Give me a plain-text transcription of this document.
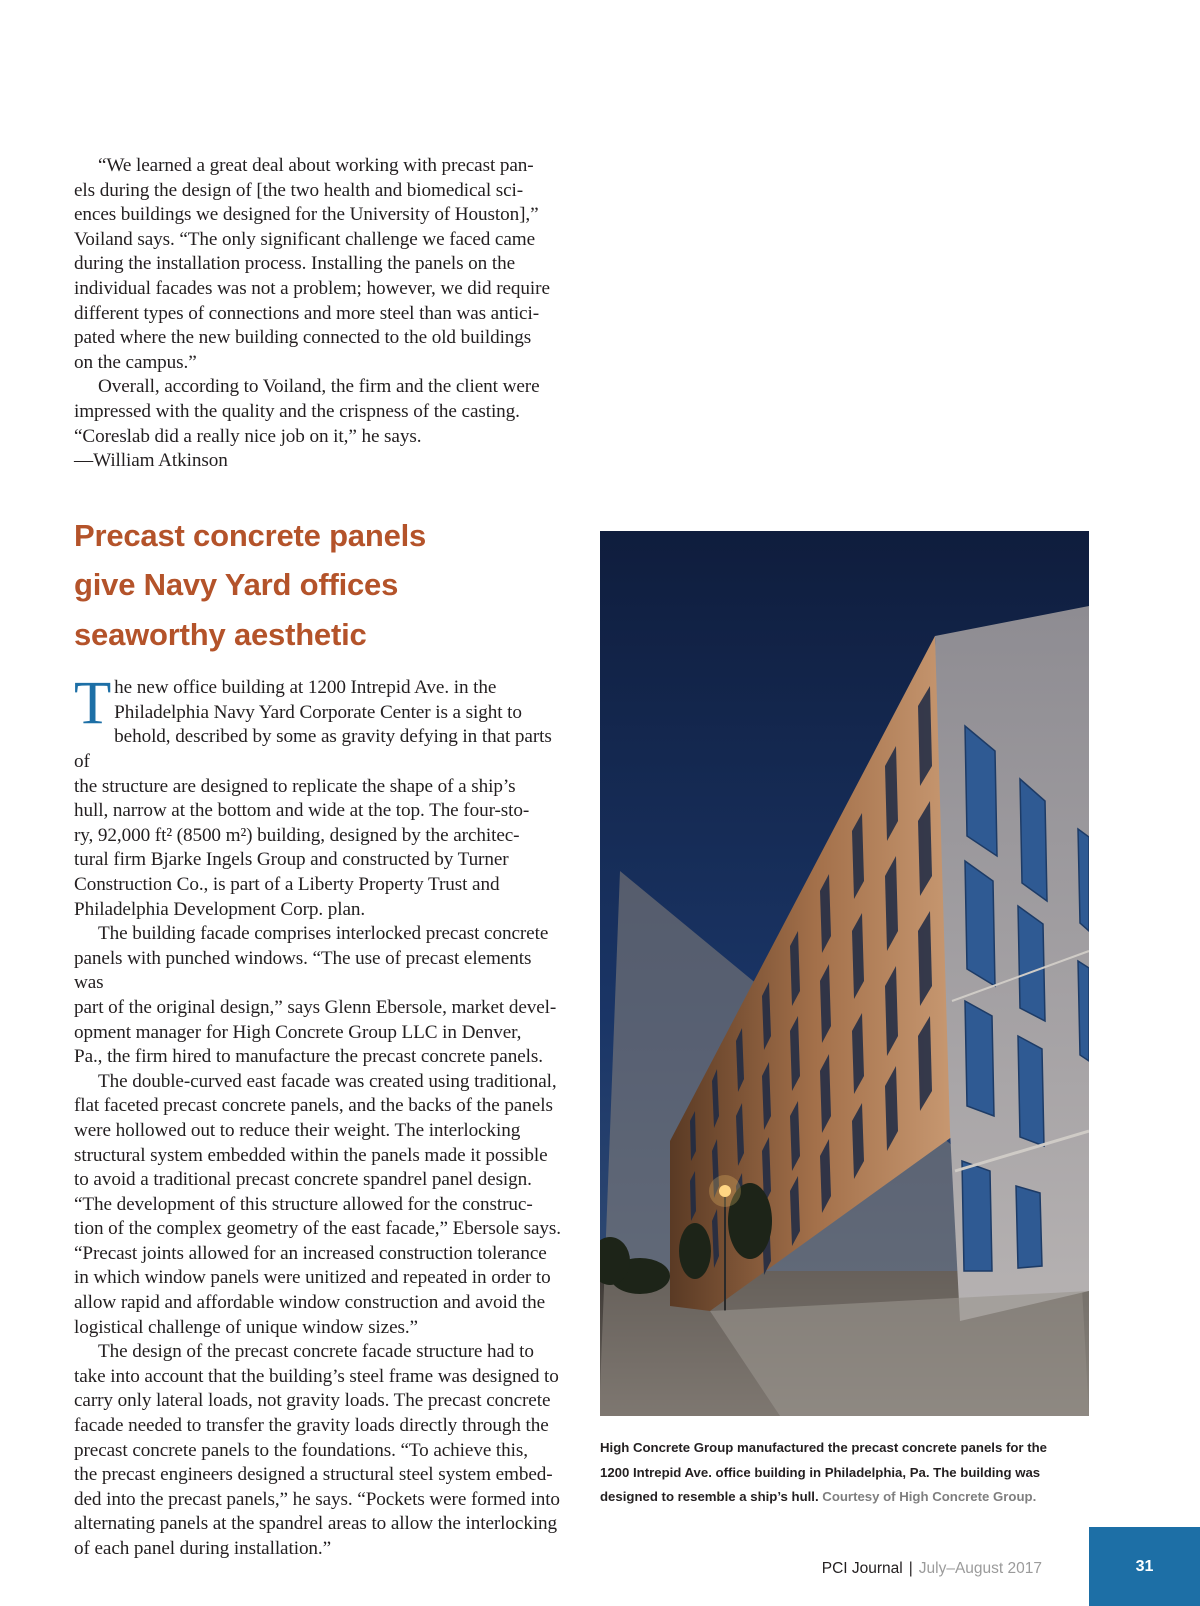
“We learned a great deal about working with precast pan-
els during the design of [the two health and biomedical sci-
ences buildings we designed for the University of Houston],”
Voiland says. “The only significant challenge we faced came
during the installation process. Installing the panels on the
individual facades was not a problem; however, we did require
different types of connections and more steel than was antici-
pated where the new building connected to the old buildings
on the campus.”

Overall, according to Voiland, the firm and the client were
impressed with the quality and the crispness of the casting.
“Coreslab did a really nice job on it,” he says.

—William Atkinson

Precast concrete panels
give Navy Yard offices
seaworthy aesthetic

The new office building at 1200 Intrepid Ave. in the
Philadelphia Navy Yard Corporate Center is a sight to
behold, described by some as gravity defying in that parts of
the structure are designed to replicate the shape of a ship’s
hull, narrow at the bottom and wide at the top. The four-sto-
ry, 92,000 ft² (8500 m²) building, designed by the architec-
tural firm Bjarke Ingels Group and constructed by Turner
Construction Co., is part of a Liberty Property Trust and
Philadelphia Development Corp. plan.

The building facade comprises interlocked precast concrete
panels with punched windows. “The use of precast elements was
part of the original design,” says Glenn Ebersole, market devel-
opment manager for High Concrete Group LLC in Denver,
Pa., the firm hired to manufacture the precast concrete panels.

The double-curved east facade was created using traditional,
flat faceted precast concrete panels, and the backs of the panels
were hollowed out to reduce their weight. The interlocking
structural system embedded within the panels made it possible
to avoid a traditional precast concrete spandrel panel design.
“The development of this structure allowed for the construc-
tion of the complex geometry of the east facade,” Ebersole says.
“Precast joints allowed for an increased construction tolerance
in which window panels were unitized and repeated in order to
allow rapid and affordable window construction and avoid the
logistical challenge of unique window sizes.”

The design of the precast concrete facade structure had to
take into account that the building’s steel frame was designed to
carry only lateral loads, not gravity loads. The precast concrete
facade needed to transfer the gravity loads directly through the
precast concrete panels to the foundations. “To achieve this,
the precast engineers designed a structural steel system embed-
ded into the precast panels,” he says. “Pockets were formed into
alternating panels at the spandrel areas to allow the interlocking
of each panel during installation.”

High Concrete Group manufactured the precast concrete panels for the
1200 Intrepid Ave. office building in Philadelphia, Pa. The building was
designed to resemble a ship’s hull. Courtesy of High Concrete Group.
PCI Journal | July–August 2017	31
